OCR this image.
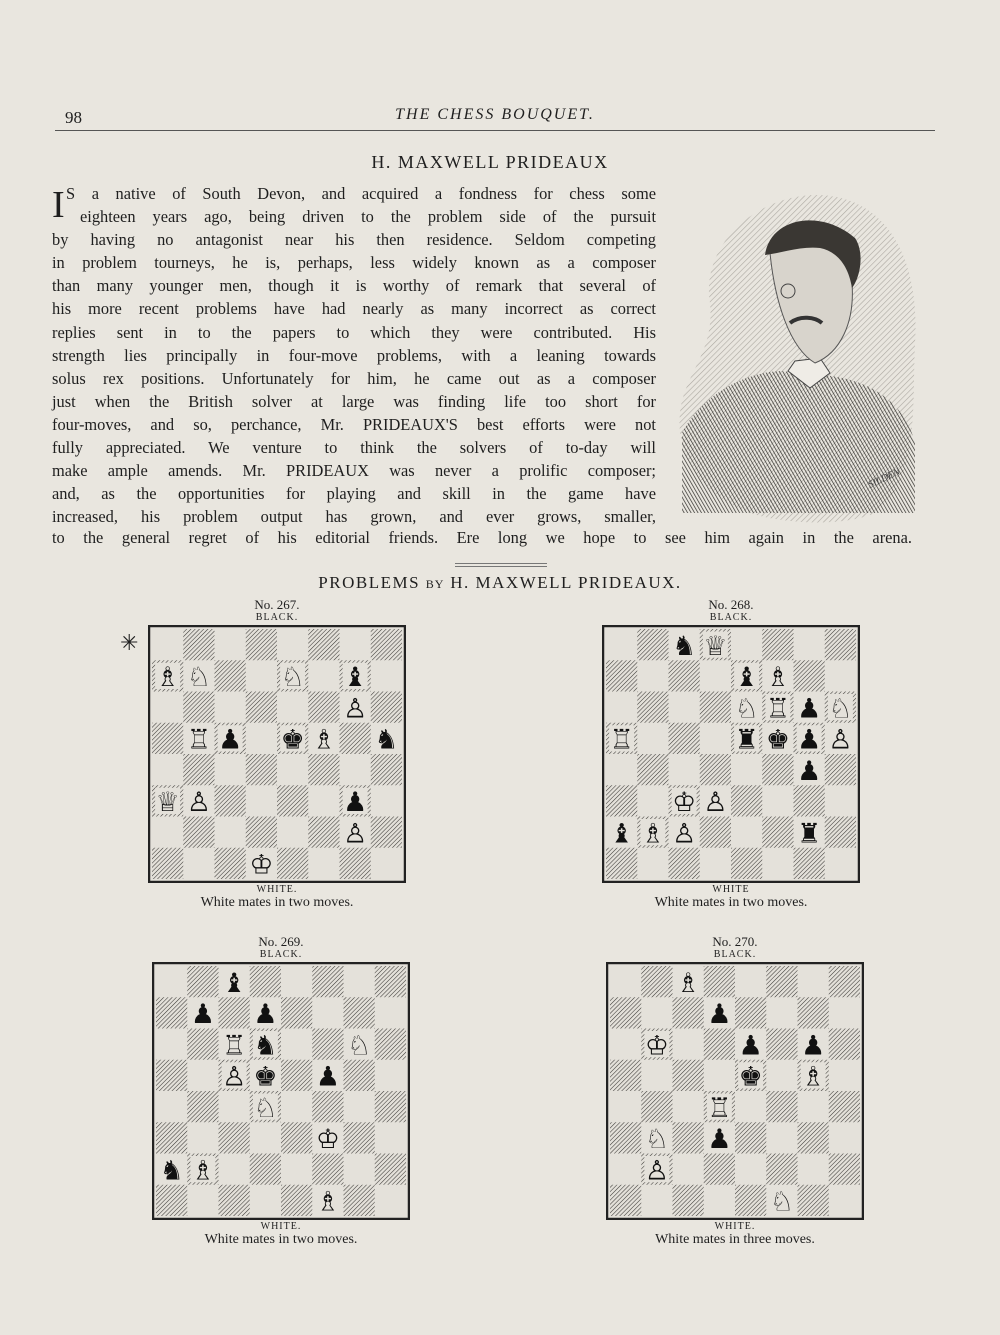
98	THE CHESS BOUQUET.
H. MAXWELL PRIDEAUX
I S a native of South Devon, and acquired a fondness for chess some
eighteen years ago, being driven to the problem side of the pursuit
by having no antagonist near his then residence. Seldom competing
in problem tourneys, he is, perhaps, less widely known as a composer
than many younger men, though it is worthy of remark that several of
his more recent problems have had nearly as many incorrect as correct
replies sent in to the papers to which they were contributed. His
strength lies principally in four-move problems, with a leaning towards
solus rex positions. Unfortunately for him, he came out as a composer
just when the British solver at large was finding life too short for
four-moves, and so, perchance, Mr. PRIDEAUX'S best efforts were not
fully appreciated. We venture to think the solvers of to-day will
make ample amends. Mr. PRIDEAUX was never a prolific composer;
and, as the opportunities for playing and skill in the game have
increased, his problem output has grown, and ever grows, smaller,
to the general regret of his editorial friends. Ere long we hope to see him again in the arena.
SILDEN
PROBLEMS BY H. MAXWELL PRIDEAUX.
✳
No. 267.
BLACK.
♗ ♘	♘ ♝
♙
♖ ♟ ♚ ♗ ♞
♕ ♙	♟
♙
♔
WHITE.
White mates in two moves.
No. 268.
BLACK.
♞ ♕
♝ ♗
♘ ♖ ♟ ♘
♖	♜ ♚ ♟ ♙
♟
♔ ♙
♝ ♗ ♙	♜
WHITE
White mates in two moves.
No. 269.
BLACK.
♝
♟ ♟
♖ ♞	♘
♙ ♚ ♟
♘
♔
♞ ♗
♗
WHITE.
White mates in two moves.
No. 270.
BLACK.
♗
♟
♔	♟ ♟
♚ ♗
♖
♘ ♟
♙
♘
WHITE.
White mates in three moves.
